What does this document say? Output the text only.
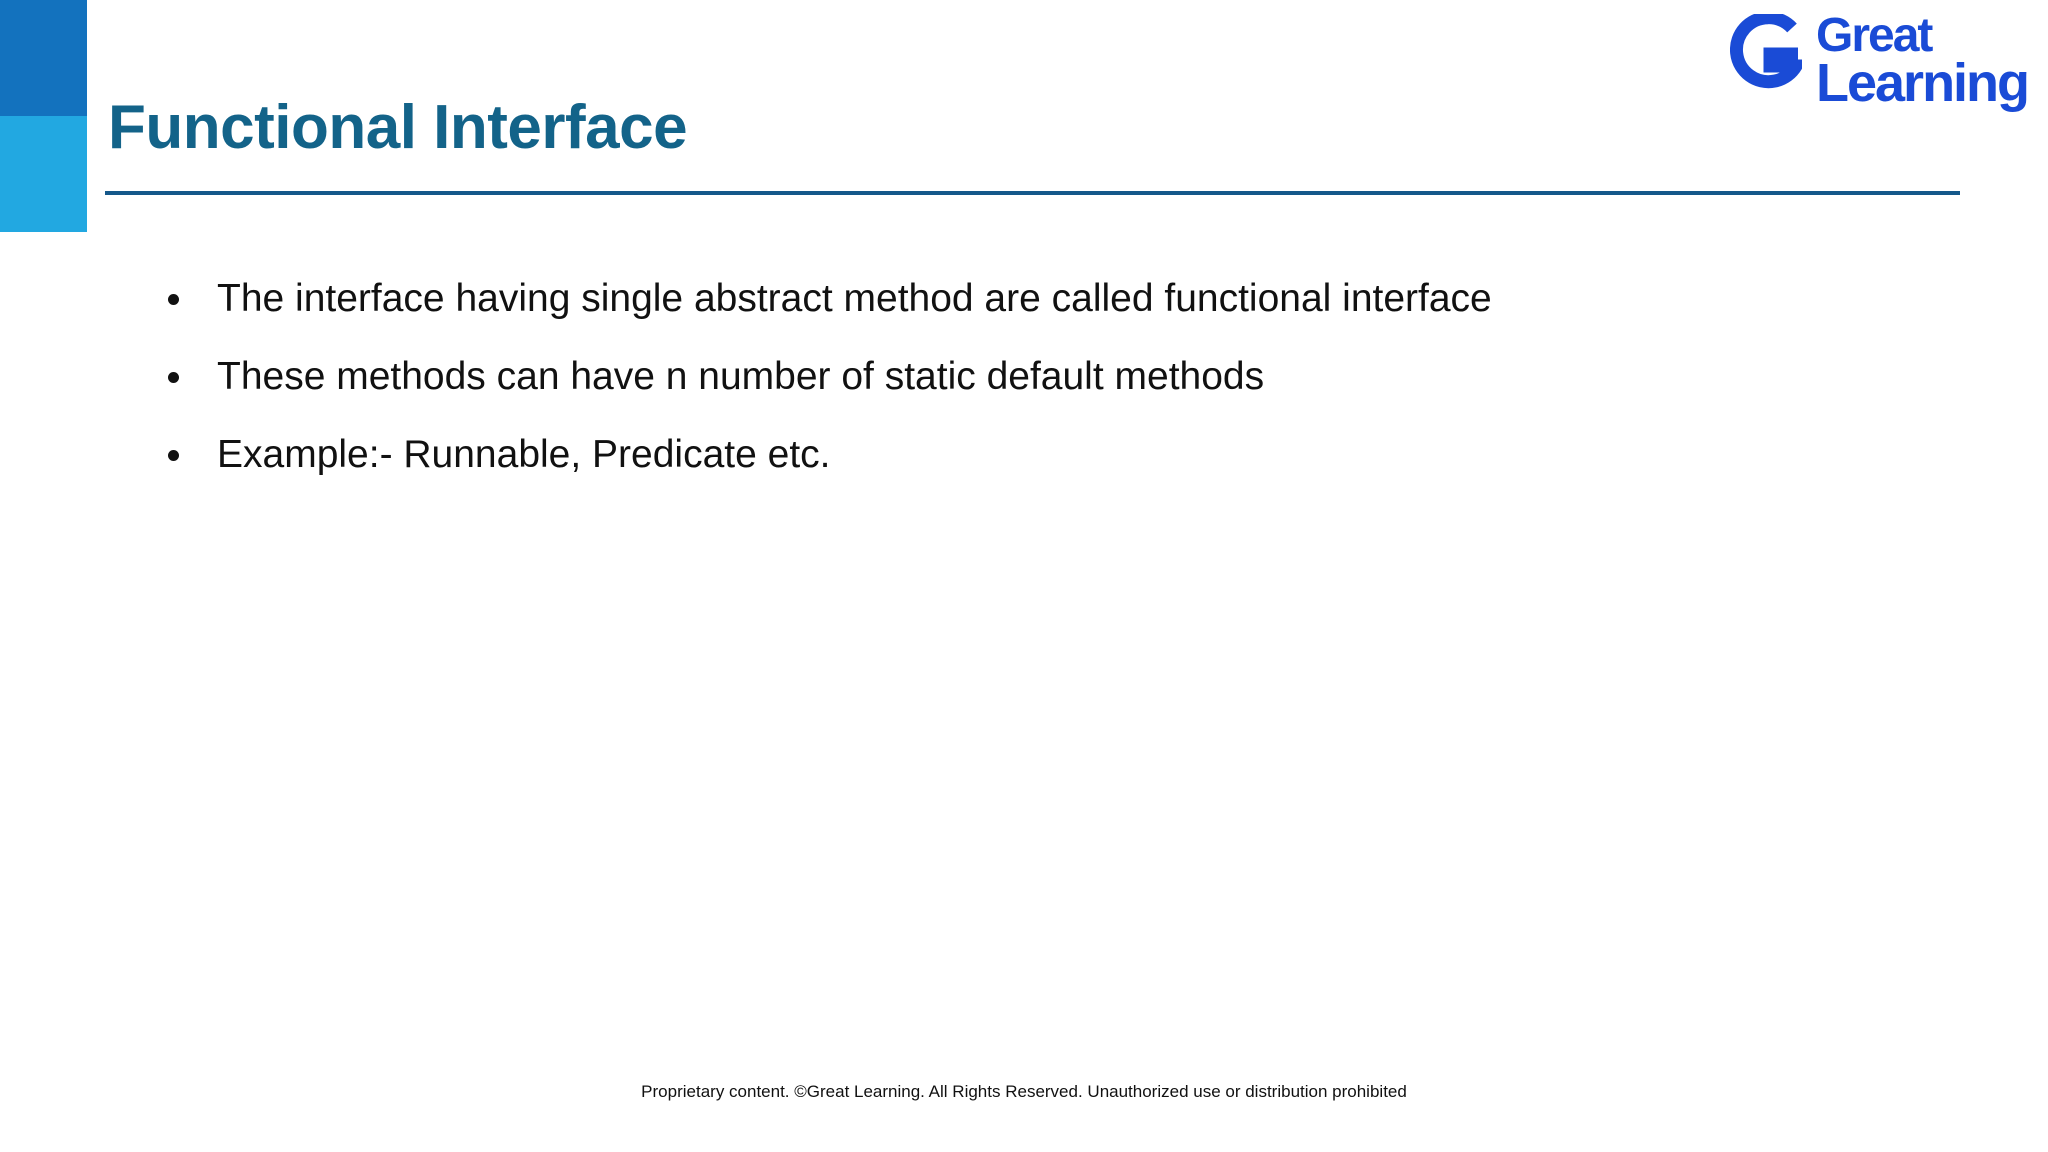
Functional Interface
Great
Learning
The interface having single abstract method are called functional interface
These methods can have n number of static default methods
Example:- Runnable, Predicate etc.
Proprietary content. ©Great Learning. All Rights Reserved. Unauthorized use or distribution prohibited
